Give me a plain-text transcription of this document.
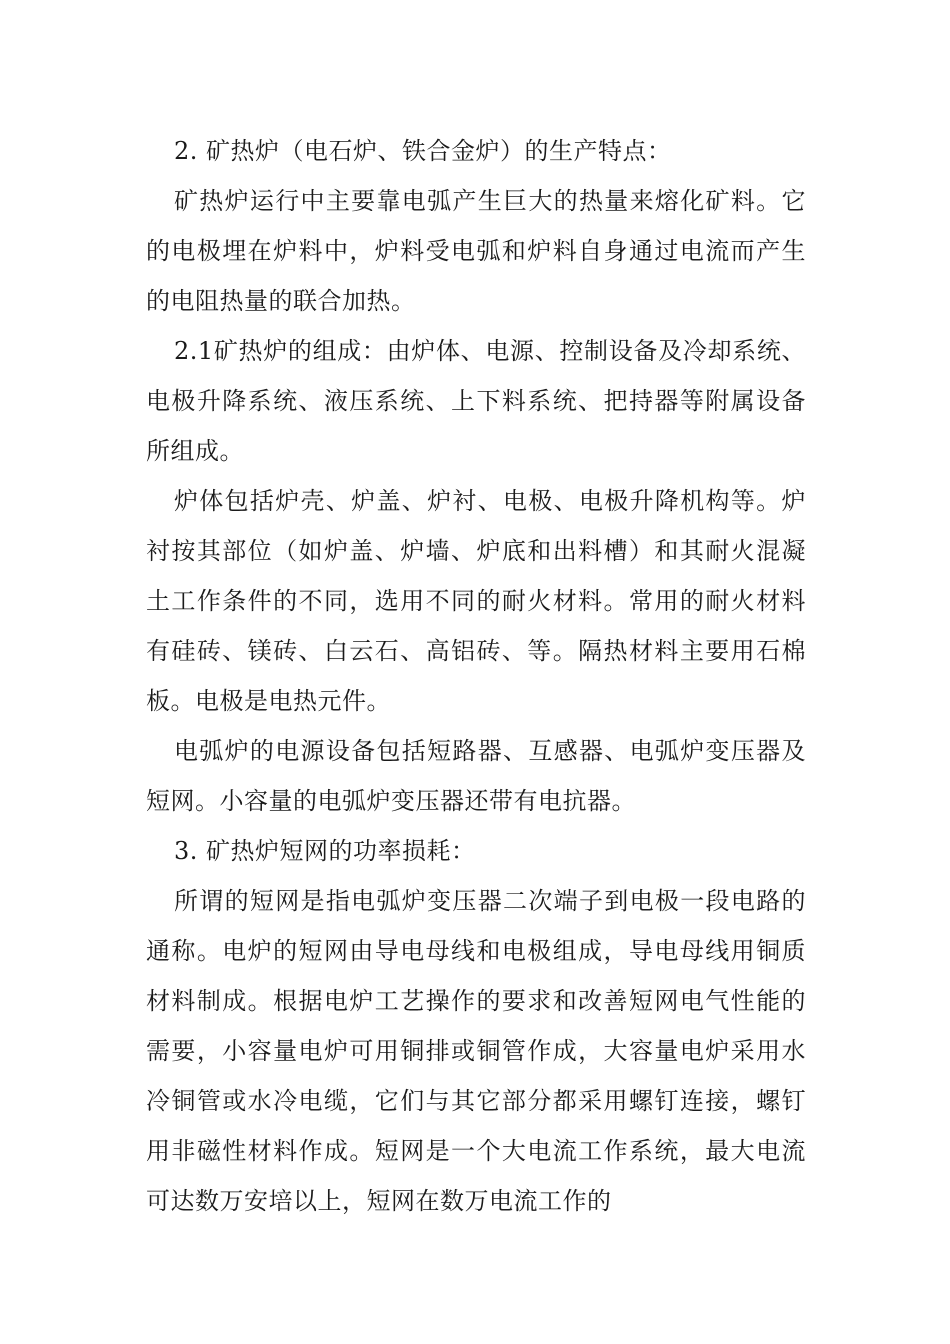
2. 矿热炉（电石炉、铁合金炉）的生产特点：

矿热炉运行中主要靠电弧产生巨大的热量来熔化矿料。它的电极埋在炉料中，炉料受电弧和炉料自身通过电流而产生的电阻热量的联合加热。

2.1矿热炉的组成：由炉体、电源、控制设备及冷却系统、电极升降系统、液压系统、上下料系统、把持器等附属设备所组成。

炉体包括炉壳、炉盖、炉衬、电极、电极升降机构等。炉衬按其部位（如炉盖、炉墙、炉底和出料槽）和其耐火混凝土工作条件的不同，选用不同的耐火材料。常用的耐火材料有硅砖、镁砖、白云石、高铝砖、等。隔热材料主要用石棉板。电极是电热元件。

电弧炉的电源设备包括短路器、互感器、电弧炉变压器及短网。小容量的电弧炉变压器还带有电抗器。

3. 矿热炉短网的功率损耗：

所谓的短网是指电弧炉变压器二次端子到电极一段电路的通称。电炉的短网由导电母线和电极组成，导电母线用铜质材料制成。根据电炉工艺操作的要求和改善短网电气性能的需要，小容量电炉可用铜排或铜管作成，大容量电炉采用水冷铜管或水冷电缆，它们与其它部分都采用螺钉连接，螺钉用非磁性材料作成。短网是一个大电流工作系统，最大电流可达数万安培以上，短网在数万电流工作的
